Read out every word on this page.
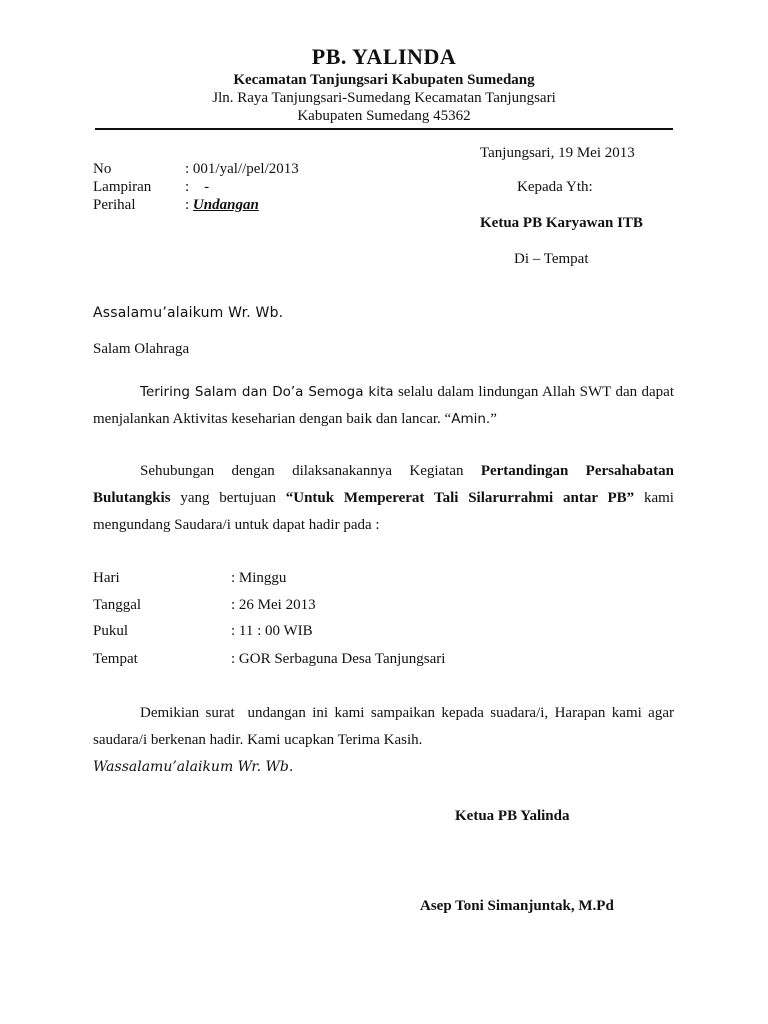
PB. YALINDA
Kecamatan Tanjungsari Kabupaten Sumedang
Jln. Raya Tanjungsari-Sumedang Kecamatan Tanjungsari
Kabupaten Sumedang 45362
Tanjungsari, 19 Mei 2013
No	: 001/yal//pel/2013
Lampiran :    -
Perihal	: Undangan
Kepada Yth:
Ketua PB Karyawan ITB
Di – Tempat
Assalamu’alaikum Wr. Wb.
Salam Olahraga
Teriring Salam dan Do’a Semoga kita selalu dalam lindungan Allah SWT dan dapat menjalankan Aktivitas keseharian dengan baik dan lancar. “Amin.”
Sehubungan dengan dilaksanakannya Kegiatan Pertandingan Persahabatan Bulutangkis yang bertujuan “Untuk Mempererat Tali Silarurrahmi antar PB” kami mengundang Saudara/i untuk dapat hadir pada :
Hari	: Minggu
Tanggal	: 26 Mei 2013
Pukul	: 11 : 00 WIB
Tempat	: GOR Serbaguna Desa Tanjungsari
Demikian surat  undangan ini kami sampaikan kepada suadara/i, Harapan kami agar saudara/i berkenan hadir. Kami ucapkan Terima Kasih.
Wassalamu’alaikum Wr. Wb.
Ketua PB Yalinda
Asep Toni Simanjuntak, M.Pd
